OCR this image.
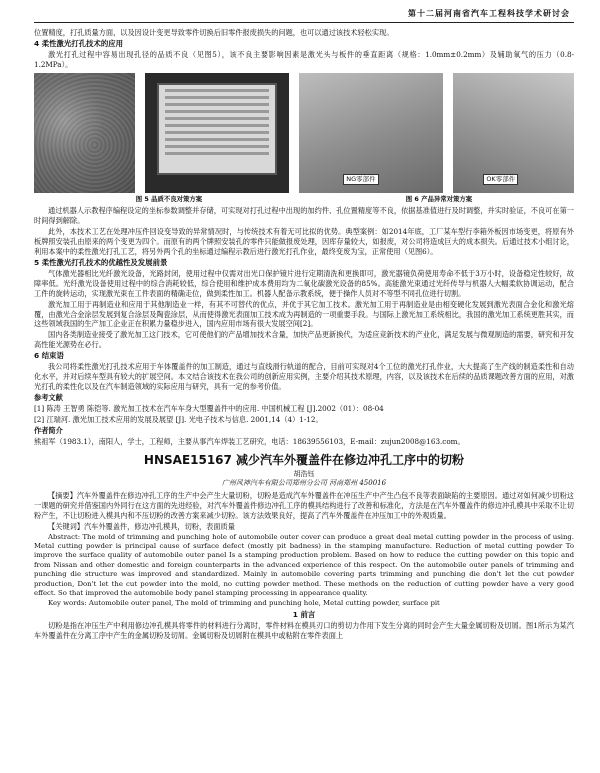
第十二届河南省汽车工程科技学术研讨会

位置精度，打孔质量方面，以及因设计变更导致零件切换后旧零件报废损失的问题，也可以通过该技术轻松实现。

4 柔性激光打孔技术的应用

激光打孔过程中容易出现孔径的品质不良（见图5），该不良主要影响因素是激光头与板件的垂直距离（规格：1.0mm±0.2mm）及辅助氧气的压力（0.8-1.2MPa）。

NG零部件	OK零部件
图 5 品质不良对策方案	图 6 产品异常对策方案

通过机器人示教程序编程设定的坐标参数调整并存储，可实现对打孔过程中出现的加约件、孔位置精度等不良，依据基准值进行及时调整，并实时验证，不良可在第一时间得到解除。

此外，本技术工艺在处理冲压件回设变导致的异常情况时，与传统技术有着无可比拟的优势。典型案例：如2014年底，工厂某车型行李箱外板因市场变更，将原有外板牌照安装孔由原来的两个变更为四个。而原有的两个牌照安装孔的零件只能做报废处理，因库存量较大，如报废，对公司将造成巨大的成本损失。后通过技术小组讨论，利用本案中的柔性激光打孔工艺，将另外两个孔的坐标通过编程示教后进行激光打孔作业，最终变废为宝，正常使用（见图6）。

5 柔性激光打孔技术的优越性及发展前景

气体激光器相比光纤激光设备，光路封闭，使用过程中仅需对出光口保护镜片进行定期清洗和更换即可，激光器镜负荷使用寿命不低于3万小时，设备稳定性较好，故障率低。光纤激光设备使用过程中的综合消耗较低，综合使用和维护成本费用均为二氧化碳激光设备的85%。高能激光束通过光纤传导与机器人大幅柔软协调运动，配合工件的旋转运动，实现激光束在工件表面的精确走位，做到柔性加工。机器人配备示教系统，便于操作人员对不等型不同孔位进行切割。

激光加工用于再制造业和应用于其他制造业一样，有其不可替代的优点，并优于其它加工技术。激光加工用于再制造业是由相变硬化发展到激光表面合金化和激光熔覆，由激光合金涂层发展到复合涂层及陶瓷涂层，从而使得激光表面加工技术成为再制造的一项重要手段。与国际上激光加工系统相比，我国的激光加工系统更胜其实，而这些领域我国的生产加工企业正在积累力量稳步进入，国内应用市场有很大发展空间[2]。

国内各类制造业接受了激光加工这门技术，它可使他们的产品增加技术含量，加快产品更新换代，为适应竞新技术的产业化，满足发展与微观制造的需要，研究和开发高性能光源势在必行。

6 结束语

我公司将柔性激光打孔技术应用于车体覆盖件的加工制造，通过与直线滑行轨道的配合，目前可实现对4个工位的激光打孔作业，大大提高了生产线的制造柔性和自动化水平，并对后续车型具有较大的扩展空间。本文结合该技术在我公司的创新应用实例，主要介绍其技术原理，内容，以及该技术在后续的品质课题改善方面的应用，对激光打孔的柔性化以及在汽车制造领域的实际应用与研究，具有一定的参考价值。

参考文献

[1] 陈涛 王智勇 陈铠等. 激光加工技术在汽车车身大型覆盖件中的应用. 中国机械工程 [J].2002（01）：08-04

[2] 江瑞河. 激光加工技术应用的发展及展望 [J]. 光电子技术与信息. 2001,14（4）1-12。

作者简介

熊祖军（1983.1），南阳人，学士，工程师，主要从事汽车焊装工艺研究，电话：18639556103，E-mail：zujun2008@163.com。

HNSAE15167 减少汽车外覆盖件在修边冲孔工序中的切粉
胡浩钰
广州风神汽车有限公司郑州分公司 河南郑州 450016

【摘要】汽车外覆盖件在修边冲孔工序的生产中会产生大量切粉，切粉是造成汽车外覆盖件在冲压生产中产生凸包不良等表面缺陷的主要原因。通过对如何减少切粉这一课题的研究并借鉴国内外同行在这方面的先进经验，对汽车外覆盖件修边冲孔工序的模具结构进行了改善和标准化，方法是在汽车外覆盖件的修边冲孔模具中采取不让切粉产生，不让切粉进入模具内和不压切粉的改善方案来减少切粉。该方法效果良好，提高了汽车外覆盖件在冲压加工中的外观质量。

【关键词】汽车外覆盖件，修边冲孔模具，切粉，表面质量

Abstract: The mold of trimming and punching hole of automobile outer cover can produce a great deal metal cutting powder in the process of using. Metal cutting powder is principal cause of surface defect (mostly pit badness) in the stamping manufacture. Reduction of metal cutting powder To improve the surface quality of automobile outer panel Is a stamping production problem. Based on how to reduce the cutting powder on this topic and from Nissan and other domestic and foreign counterparts in the advanced experience of this respect. On the automobile outer panels of trimming and punching die structure was improved and standardized. Mainly in automobile covering parts trimming and punching die don't let the cut powder production, Don't let the cut powder into the mold, no cutting powder method. These methods on the reduction of cutting powder have a very good effect. So that improved the automobile body panel stamping processing in appearance quality.

Key words: Automobile outer panel, The mold of trimming and punching hole, Metal cutting powder, surface pit

1 前言

切粉是指在冲压生产中利用修边冲孔模具将零件的材料进行分离时，零件材料在模具刃口的剪切力作用下发生分离的同时会产生大量金属切粉及切屑。图1所示为某汽车外覆盖件在分离工序中产生的金属切粉及切屑。金属切粉及切屑附在模具中或粘附在零件表面上
